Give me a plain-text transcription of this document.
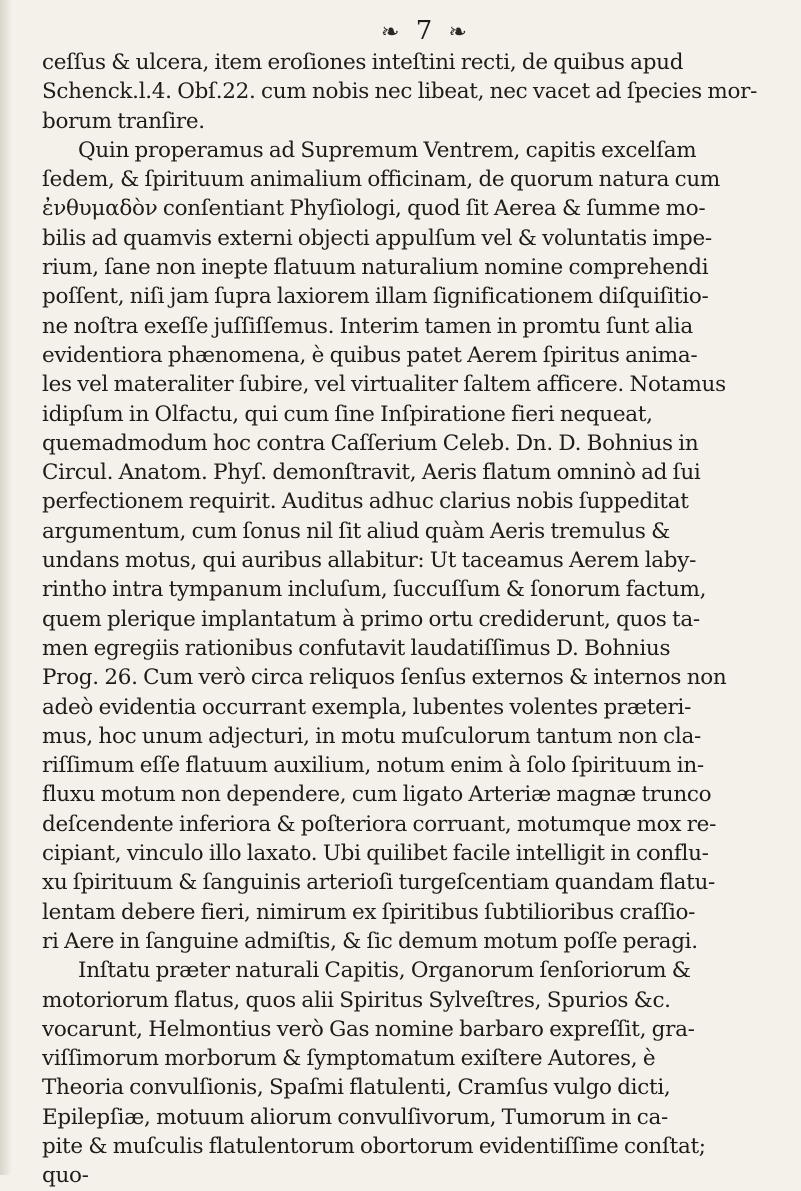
❧ 7 ❧
ceſſus & ulcera, item eroſiones inteſtini recti, de quibus apud
Schenck.l.4. Obſ.22. cum nobis nec libeat, nec vacet ad ſpecies mor-
borum tranſire.
Quin properamus ad Supremum Ventrem, capitis excelſam
ſedem, & ſpirituum animalium officinam, de quorum natura cum
ἐνθυμαδὸν conſentiant Phyſiologi, quod ſit Aerea & ſumme mo-
bilis ad quamvis externi objecti appulſum vel & voluntatis impe-
rium, ſane non inepte flatuum naturalium nomine comprehendi
poſſent, niſi jam ſupra laxiorem illam ſignificationem diſquiſitio-
ne noſtra exeſſe juſſiſſemus. Interim tamen in promtu ſunt alia
evidentiora phænomena, è quibus patet Aerem ſpiritus anima-
les vel materaliter ſubire, vel virtualiter ſaltem afficere. Notamus
idipſum in Olfactu, qui cum ſine Inſpiratione fieri nequeat,
quemadmodum hoc contra Caſſerium Celeb. Dn. D. Bohnius in
Circul. Anatom. Phyſ. demonſtravit, Aeris flatum omninò ad ſui
perfectionem requirit. Auditus adhuc clarius nobis ſuppeditat
argumentum, cum ſonus nil ſit aliud quàm Aeris tremulus &
undans motus, qui auribus allabitur: Ut taceamus Aerem laby-
rintho intra tympanum incluſum, ſuccuſſum & ſonorum factum,
quem plerique implantatum à primo ortu crediderunt, quos ta-
men egregiis rationibus confutavit laudatiſſimus D. Bohnius
Prog. 26. Cum verò circa reliquos ſenſus externos & internos non
adeò evidentia occurrant exempla, lubentes volentes præteri-
mus, hoc unum adjecturi, in motu muſculorum tantum non cla-
riſſimum eſſe flatuum auxilium, notum enim à ſolo ſpirituum in-
fluxu motum non dependere, cum ligato Arteriæ magnæ trunco
deſcendente inferiora & poſteriora corruant, motumque mox re-
cipiant, vinculo illo laxato. Ubi quilibet facile intelligit in conflu-
xu ſpirituum & ſanguinis arterioſi turgeſcentiam quandam flatu-
lentam debere fieri, nimirum ex ſpiritibus ſubtilioribus craſſio-
ri Aere in ſanguine admiſtis, & ſic demum motum poſſe peragi.
Inſtatu præter naturali Capitis, Organorum ſenſoriorum &
motoriorum flatus, quos alii Spiritus Sylveſtres, Spurios &c.
vocarunt, Helmontius verò Gas nomine barbaro expreſſit, gra-
viſſimorum morborum & ſymptomatum exiſtere Autores, è
Theoria convulſionis, Spaſmi flatulenti, Cramſus vulgo dicti,
Epilepſiæ, motuum aliorum convulſivorum, Tumorum in ca-
pite & muſculis flatulentorum obortorum evidentiſſime conſtat;
quo-
